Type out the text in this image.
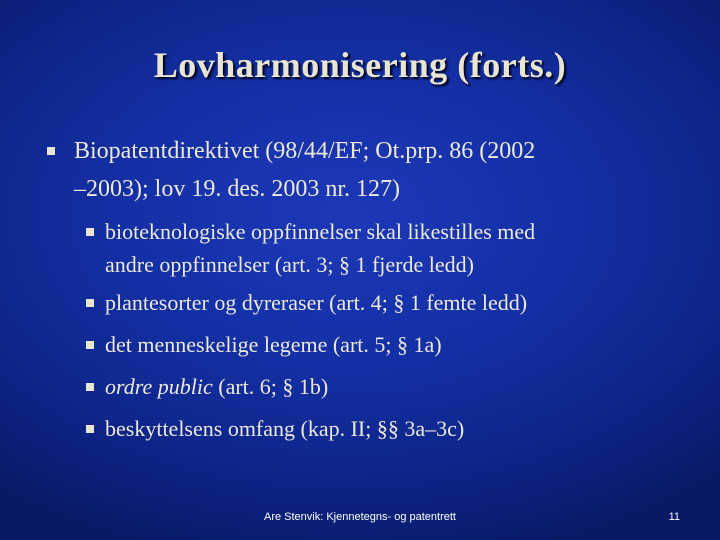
Lovharmonisering (forts.)
Biopatentdirektivet (98/44/EF; Ot.prp. 86 (2002
–2003); lov 19. des. 2003 nr. 127)
bioteknologiske oppfinnelser skal likestilles med
andre oppfinnelser (art. 3; § 1 fjerde ledd)
plantesorter og dyreraser (art. 4; § 1 femte ledd)
det menneskelige legeme (art. 5; § 1a)
ordre public (art. 6; § 1b)
beskyttelsens omfang (kap. II; §§ 3a–3c)
Are Stenvik: Kjennetegns- og patentrett	11
